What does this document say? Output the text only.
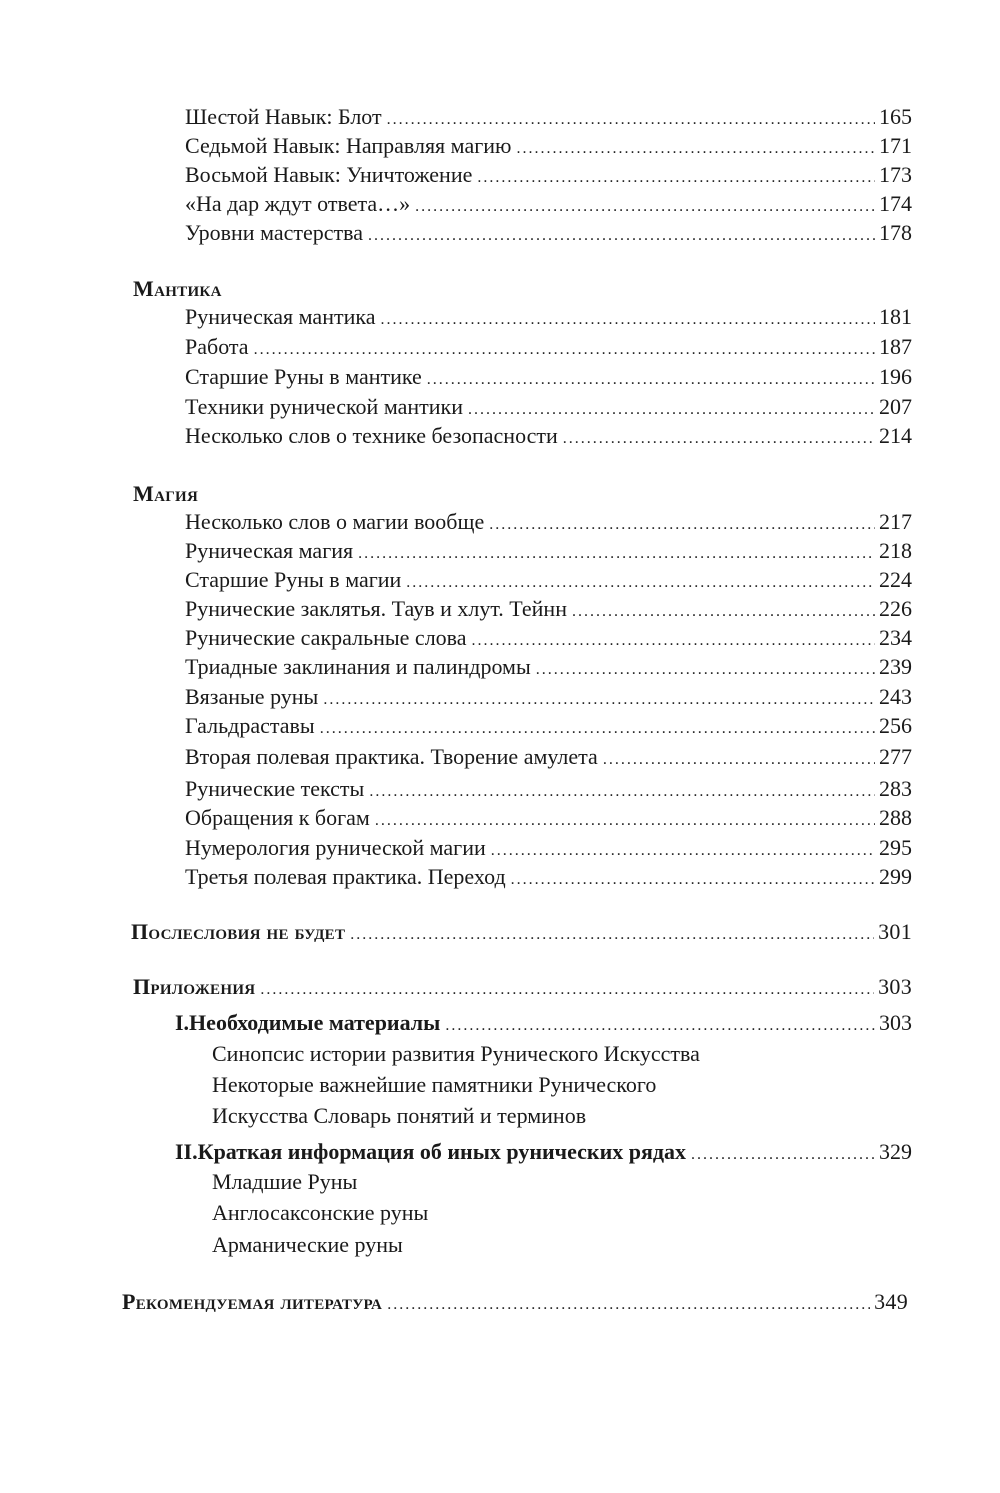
Шестой Навык: Блот .....	165
Седьмой Навык: Направляя магию .....	171
Восьмой Навык: Уничтожение .....	173
«На дар ждут ответа…» .....	174
Уровни мастерства .....	178
Мантика
Руническая мантика .....	181
Работа .....	187
Старшие Руны в мантике .....	196
Техники рунической мантики .....	207
Несколько слов о технике безопасности .....	214
Магия
Несколько слов о магии вообще .....	217
Руническая магия .....	218
Старшие Руны в магии .....	224
Рунические заклятья. Таув и хлут. Тейнн .....	226
Рунические сакральные слова .....	234
Триадные заклинания и палиндромы .....	239
Вязаные руны .....	243
Гальдраставы .....	256
Вторая полевая практика. Творение амулета .....	277
Рунические тексты .....	283
Обращения к богам .....	288
Нумерология рунической магии .....	295
Третья полевая практика. Переход .....	299
Послесловия не будет .....	301
Приложения .....	303
I.Необходимые материалы .....	303
Синопсис истории развития Рунического Искусства
Некоторые важнейшие памятники Рунического
Искусства Словарь понятий и терминов
II.Краткая информация об иных рунических рядах .....	329
Младшие Руны
Англосаксонские руны
Арманические руны
Рекомендуемая литература .....	349
